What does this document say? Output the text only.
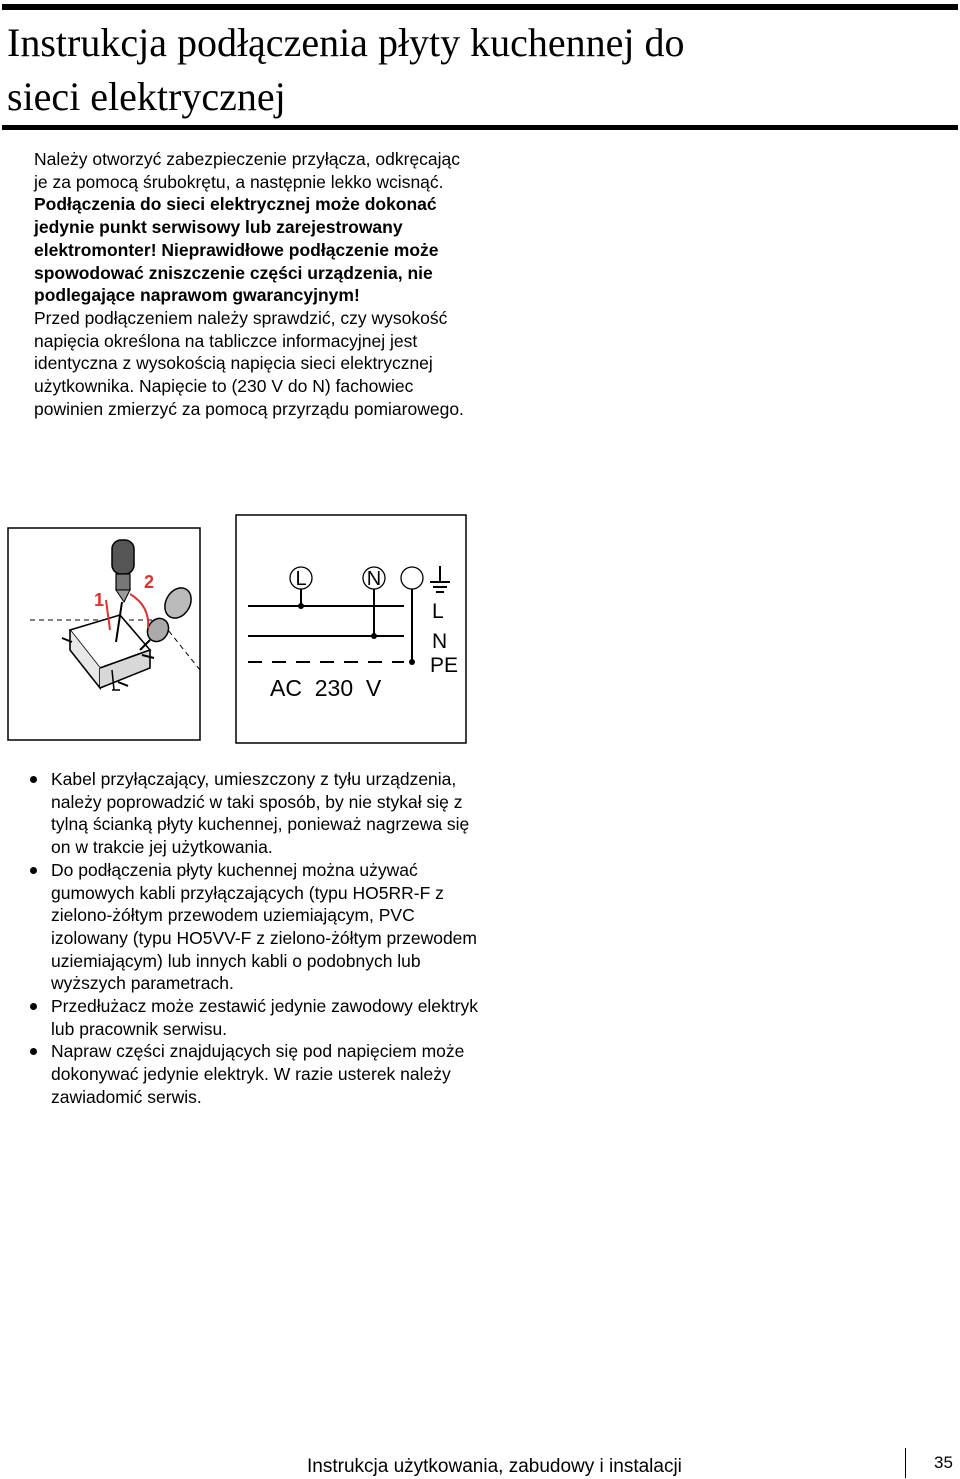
Instrukcja podłączenia płyty kuchennej do
sieci elektrycznej
Należy otworzyć zabezpieczenie przyłącza, odkręcając je za pomocą śrubokrętu, a następnie lekko wcisnąć.
Podłączenia do sieci elektrycznej może dokonać jedynie punkt serwisowy lub zarejestrowany elektromonter! Nieprawidłowe podłączenie może spowodować zniszczenie części urządzenia, nie podlegające naprawom gwarancyjnym!
Przed podłączeniem należy sprawdzić, czy wysokość napięcia określona na tabliczce informacyjnej jest identyczna z wysokością napięcia sieci elektrycznej użytkownika. Napięcie to (230 V do N) fachowiec powinien zmierzyć za pomocą przyrządu pomiarowego.
1
2	L	N
L
N
PE
AC  230  V
Kabel przyłączający, umieszczony z tyłu urządzenia, należy poprowadzić w taki sposób, by nie stykał się z tylną ścianką płyty kuchennej, ponieważ nagrzewa się on w trakcie jej użytkowania.
Do podłączenia płyty kuchennej można używać gumowych kabli przyłączających (typu HO5RR-F z zielono-żółtym przewodem uziemiającym, PVC izolowany (typu HO5VV-F z zielono-żółtym przewodem uziemiającym) lub innych kabli o podobnych lub wyższych parametrach.
Przedłużacz może zestawić jedynie zawodowy elektryk lub pracownik serwisu.
Napraw części znajdujących się pod napięciem może dokonywać jedynie elektryk. W razie usterek należy zawiadomić serwis.
Instrukcja użytkowania, zabudowy i instalacji	35
